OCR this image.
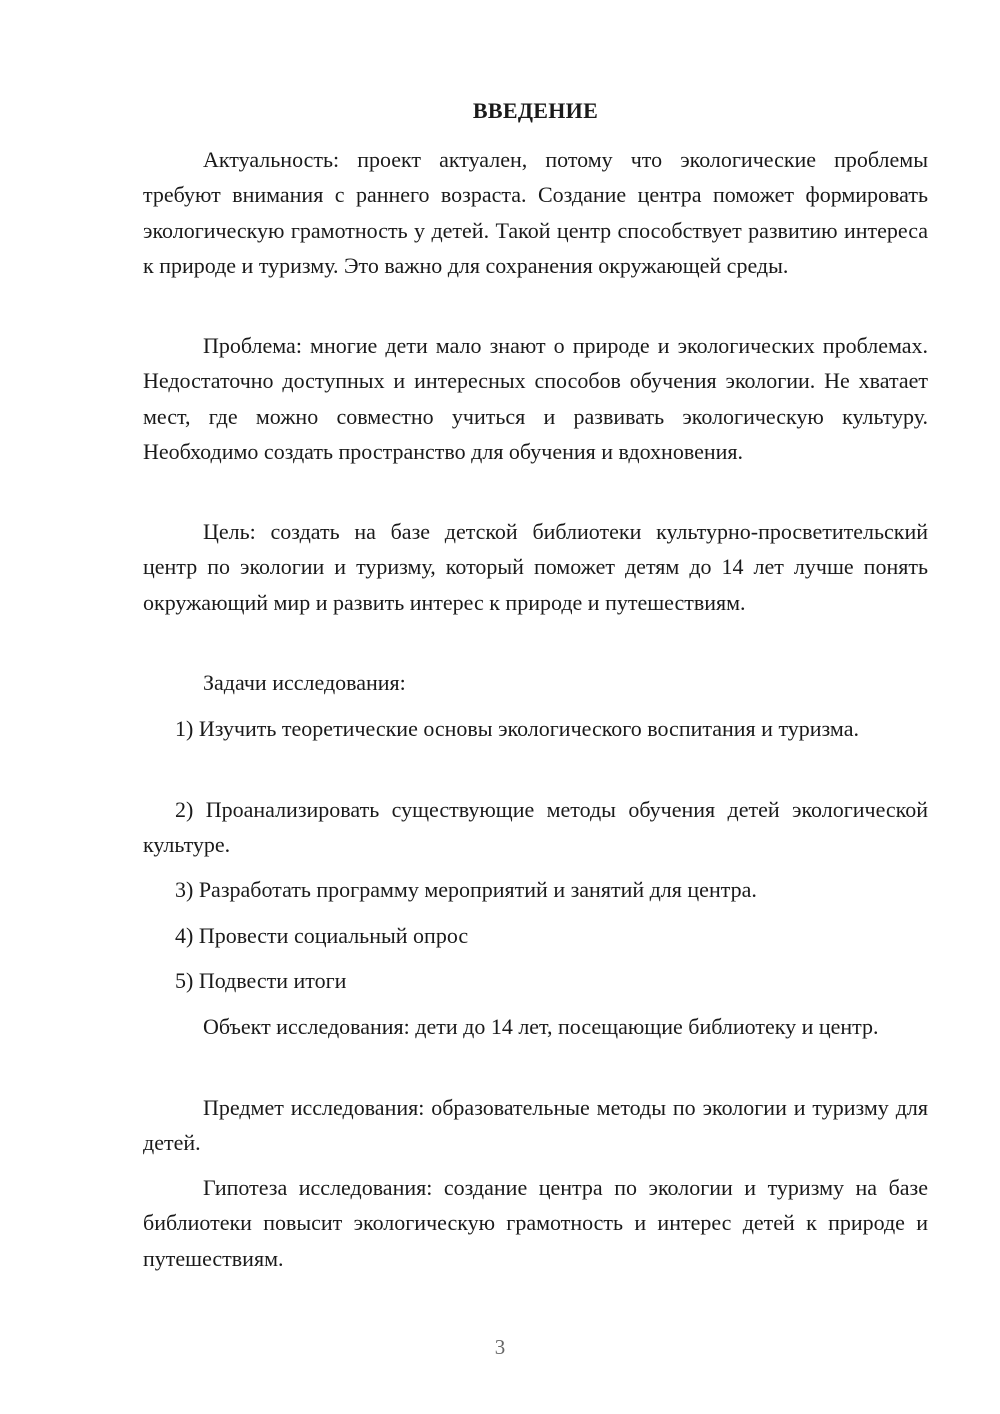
ВВЕДЕНИЕ

Актуальность: проект актуален, потому что экологические проблемы требуют внимания с раннего возраста. Создание центра поможет формировать экологическую грамотность у детей. Такой центр способствует развитию интереса к природе и туризму. Это важно для сохранения окружающей среды.

Проблема: многие дети мало знают о природе и экологических проблемах. Недостаточно доступных и интересных способов обучения экологии. Не хватает мест, где можно совместно учиться и развивать экологическую культуру. Необходимо создать пространство для обучения и вдохновения.

Цель: создать на базе детской библиотеки культурно-просветительский центр по экологии и туризму, который поможет детям до 14 лет лучше понять окружающий мир и развить интерес к природе и путешествиям.

Задачи исследования:

1) Изучить теоретические основы экологического воспитания и туризма.

2) Проанализировать существующие методы обучения детей экологической культуре.

3) Разработать программу мероприятий и занятий для центра.

4) Провести социальный опрос

5) Подвести итоги

Объект исследования: дети до 14 лет, посещающие библиотеку и центр.

Предмет исследования: образовательные методы по экологии и туризму для детей.

Гипотеза исследования: создание центра по экологии и туризму на базе библиотеки повысит экологическую грамотность и интерес детей к природе и путешествиям.

3
